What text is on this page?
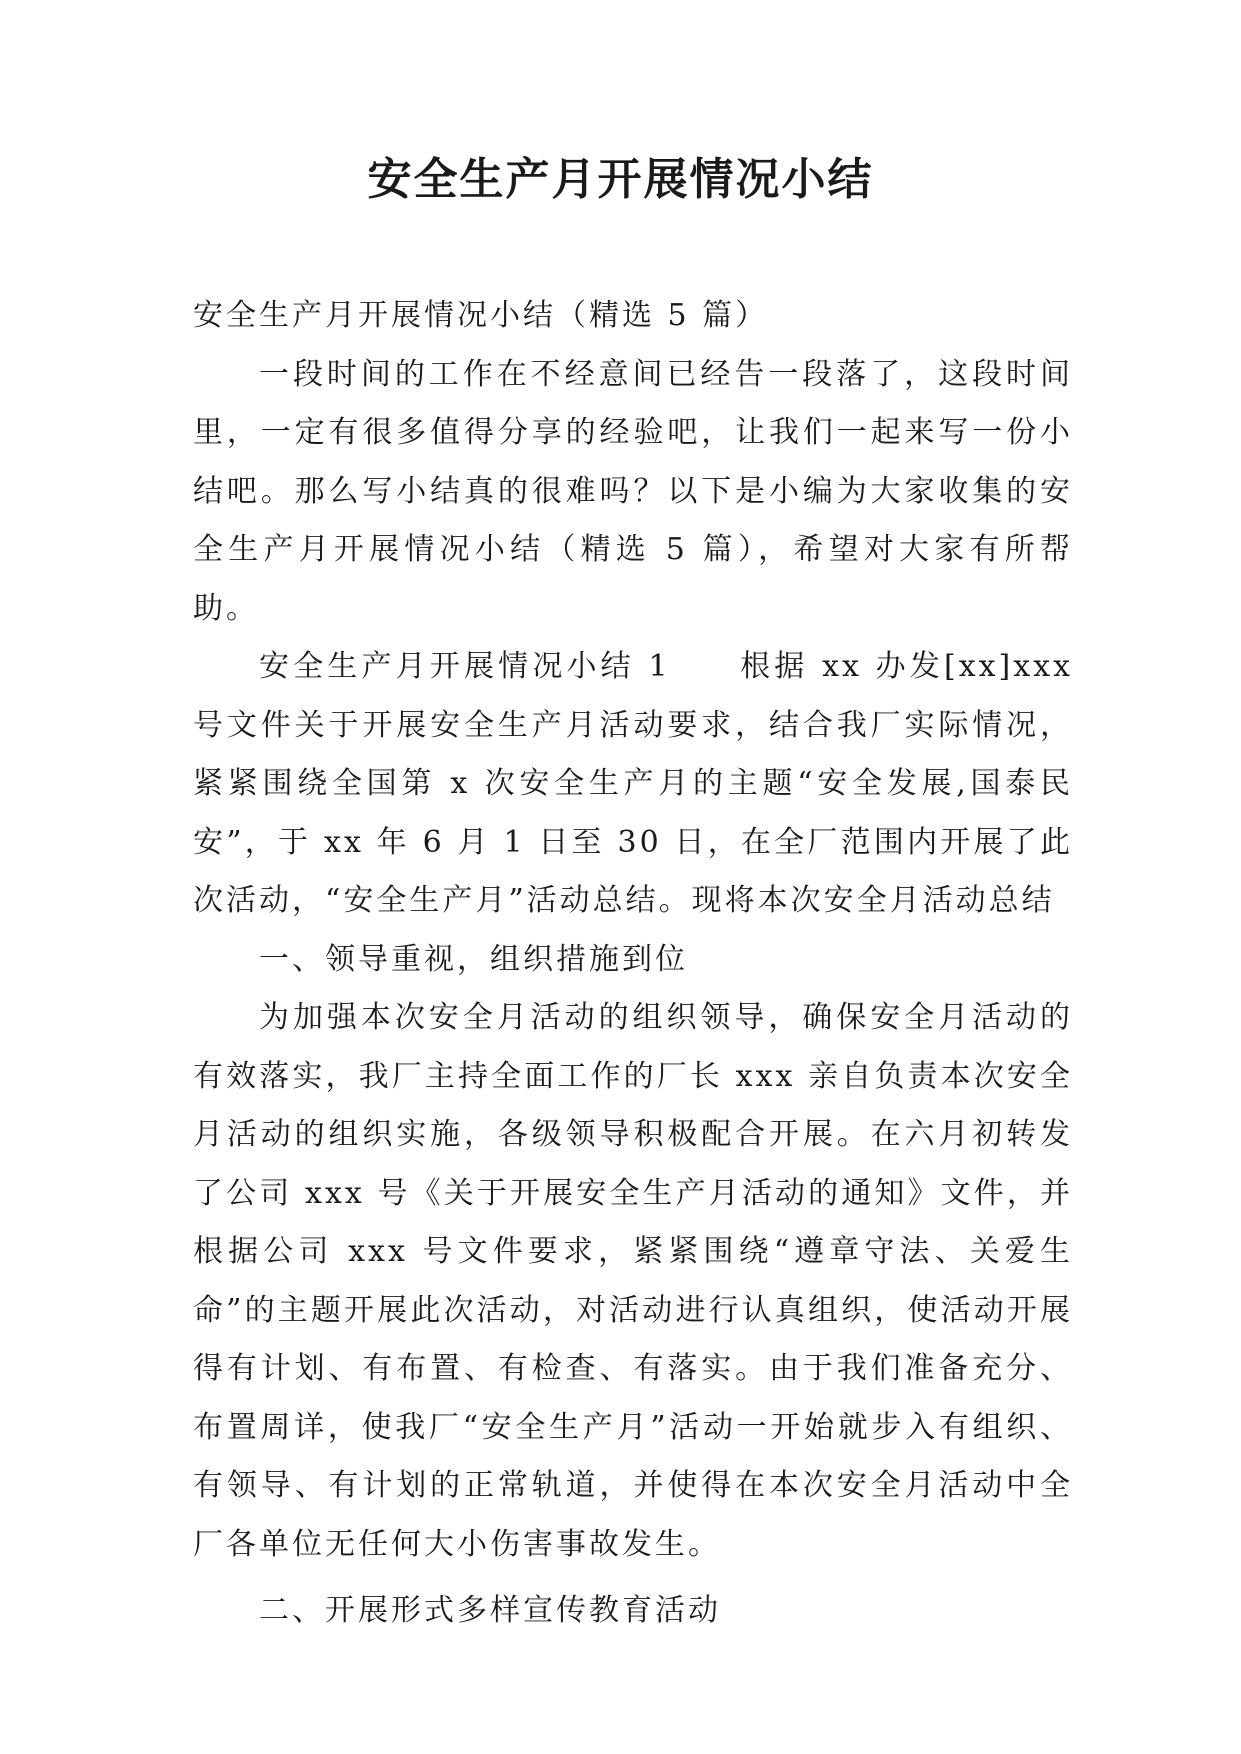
安全生产月开展情况小结

安全生产月开展情况小结（精选 5 篇）

一段时间的工作在不经意间已经告一段落了，这段时间里，一定有很多值得分享的经验吧，让我们一起来写一份小结吧。那么写小结真的很难吗？以下是小编为大家收集的安全生产月开展情况小结（精选 5 篇），希望对大家有所帮助。

安全生产月开展情况小结 1　　根据 xx 办发[xx]xxx 号文件关于开展安全生产月活动要求，结合我厂实际情况，紧紧围绕全国第 x 次安全生产月的主题“安全发展,国泰民安”，于 xx 年 6 月 1 日至 30 日，在全厂范围内开展了此次活动，“安全生产月”活动总结。现将本次安全月活动总结

一、领导重视，组织措施到位

为加强本次安全月活动的组织领导，确保安全月活动的有效落实，我厂主持全面工作的厂长 xxx 亲自负责本次安全月活动的组织实施，各级领导积极配合开展。在六月初转发了公司 xxx 号《关于开展安全生产月活动的通知》文件，并根据公司 xxx 号文件要求，紧紧围绕“遵章守法、关爱生命”的主题开展此次活动，对活动进行认真组织，使活动开展得有计划、有布置、有检查、有落实。由于我们准备充分、布置周详，使我厂“安全生产月”活动一开始就步入有组织、有领导、有计划的正常轨道，并使得在本次安全月活动中全厂各单位无任何大小伤害事故发生。

二、开展形式多样宣传教育活动
